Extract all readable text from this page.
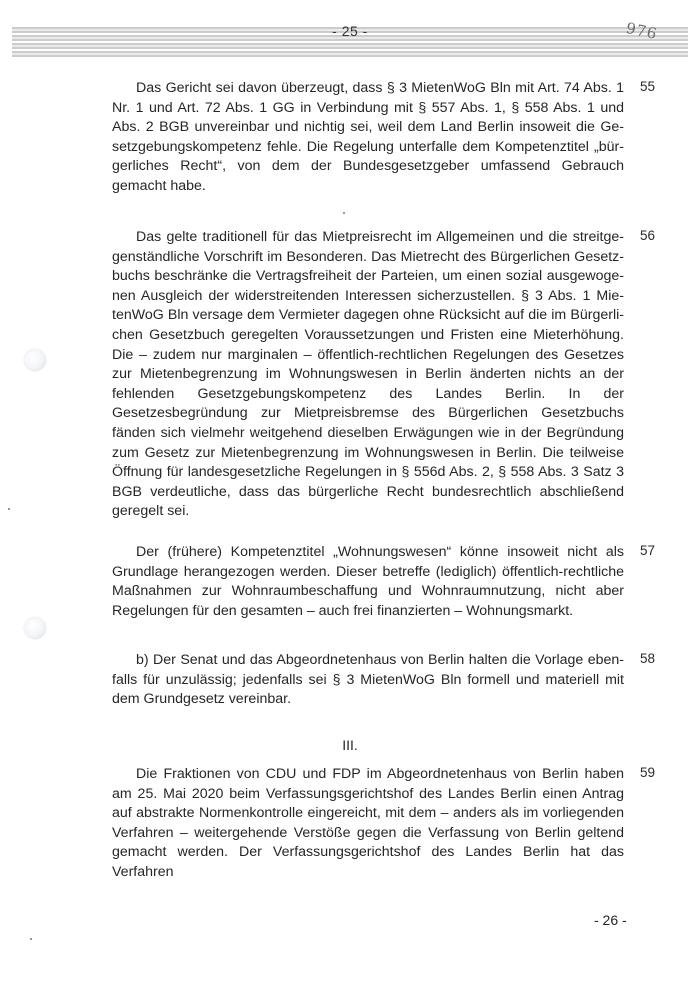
- 25 -	976

Das Gericht sei davon überzeugt, dass § 3 MietenWoG Bln mit Art. 74 Abs. 1 Nr. 1 und Art. 72 Abs. 1 GG in Verbindung mit § 557 Abs. 1, § 558 Abs. 1 und Abs. 2 BGB unvereinbar und nichtig sei, weil dem Land Berlin insoweit die Gesetzgebungskompetenz fehle. Die Regelung unterfalle dem Kompetenztitel „bürgerliches Recht“, von dem der Bundesgesetzgeber umfassend Gebrauch gemacht habe.

55

Das gelte traditionell für das Mietpreisrecht im Allgemeinen und die streitgegenständliche Vorschrift im Besonderen. Das Mietrecht des Bürgerlichen Gesetzbuchs beschränke die Vertragsfreiheit der Parteien, um einen sozial ausgewogenen Ausgleich der widerstreitenden Interessen sicherzustellen. § 3 Abs. 1 MietenWoG Bln versage dem Vermieter dagegen ohne Rücksicht auf die im Bürgerlichen Gesetzbuch geregelten Voraussetzungen und Fristen eine Mieterhöhung. Die – zudem nur marginalen – öffentlich-rechtlichen Regelungen des Gesetzes zur Mietenbegrenzung im Wohnungswesen in Berlin änderten nichts an der fehlenden Gesetzgebungskompetenz des Landes Berlin. In der Gesetzesbegründung zur Mietpreisbremse des Bürgerlichen Gesetzbuchs fänden sich vielmehr weitgehend dieselben Erwägungen wie in der Begründung zum Gesetz zur Mietenbegrenzung im Wohnungswesen in Berlin. Die teilweise Öffnung für landesgesetzliche Regelungen in § 556d Abs. 2, § 558 Abs. 3 Satz 3 BGB verdeutliche, dass das bürgerliche Recht bundesrechtlich abschließend geregelt sei.

56

Der (frühere) Kompetenztitel „Wohnungswesen“ könne insoweit nicht als Grundlage herangezogen werden. Dieser betreffe (lediglich) öffentlich-rechtliche Maßnahmen zur Wohnraumbeschaffung und Wohnraumnutzung, nicht aber Regelungen für den gesamten – auch frei finanzierten – Wohnungsmarkt.

57

b) Der Senat und das Abgeordnetenhaus von Berlin halten die Vorlage ebenfalls für unzulässig; jedenfalls sei § 3 MietenWoG Bln formell und materiell mit dem Grundgesetz vereinbar.

58
III.

Die Fraktionen von CDU und FDP im Abgeordnetenhaus von Berlin haben am 25. Mai 2020 beim Verfassungsgerichtshof des Landes Berlin einen Antrag auf abstrakte Normenkontrolle eingereicht, mit dem – anders als im vorliegenden Verfahren – weitergehende Verstöße gegen die Verfassung von Berlin geltend gemacht werden. Der Verfassungsgerichtshof des Landes Berlin hat das Verfahren

59
- 26 -
